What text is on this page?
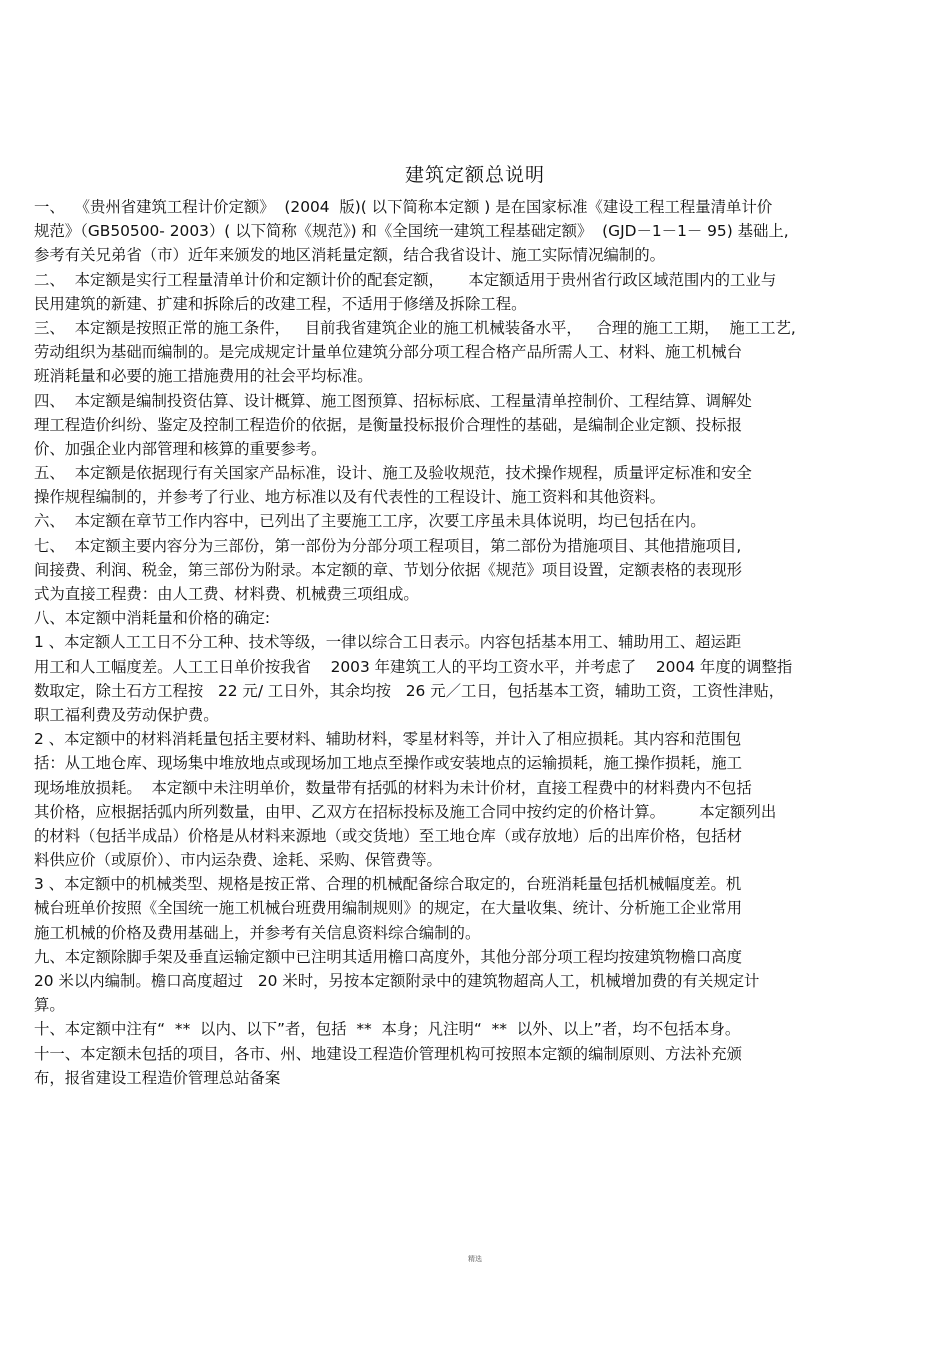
建筑定额总说明
一、  《贵州省建筑工程计价定额》  (2004  版)( 以下简称本定额 ) 是在国家标准《建设工程工程量清单计价
规范》（GB50500- 2003）( 以下简称《规范》) 和《全国统一建筑工程基础定额》  (GJD－1－1－ 95) 基础上,
参考有关兄弟省（市）近年来颁发的地区消耗量定额，结合我省设计、施工实际情况编制的。
二、  本定额是实行工程量清单计价和定额计价的配套定额，     本定额适用于贵州省行政区域范围内的工业与
民用建筑的新建、扩建和拆除后的改建工程，不适用于修缮及拆除工程。
三、  本定额是按照正常的施工条件，   目前我省建筑企业的施工机械装备水平，   合理的施工工期，  施工工艺,
劳动组织为基础而编制的。是完成规定计量单位建筑分部分项工程合格产品所需人工、材料、施工机械台
班消耗量和必要的施工措施费用的社会平均标准。
四、  本定额是编制投资估算、设计概算、施工图预算、招标标底、工程量清单控制价、工程结算、调解处
理工程造价纠纷、鉴定及控制工程造价的依据，是衡量投标报价合理性的基础，是编制企业定额、投标报
价、加强企业内部管理和核算的重要参考。
五、  本定额是依据现行有关国家产品标准，设计、施工及验收规范，技术操作规程，质量评定标准和安全
操作规程编制的，并参考了行业、地方标准以及有代表性的工程设计、施工资料和其他资料。
六、  本定额在章节工作内容中，已列出了主要施工工序，次要工序虽未具体说明，均已包括在内。
七、  本定额主要内容分为三部份，第一部份为分部分项工程项目，第二部份为措施项目、其他措施项目,
间接费、利润、税金，第三部份为附录。本定额的章、节划分依据《规范》项目设置，定额表格的表现形
式为直接工程费：由人工费、材料费、机械费三项组成。
八、本定额中消耗量和价格的确定:
1 、本定额人工工日不分工种、技术等级，一律以综合工日表示。内容包括基本用工、辅助用工、超运距
用工和人工幅度差。人工工日单价按我省    2003 年建筑工人的平均工资水平，并考虑了    2004 年度的调整指
数取定，除土石方工程按   22 元/ 工日外，其余均按   26 元／工日，包括基本工资，辅助工资，工资性津贴，
职工福利费及劳动保护费。
2 、本定额中的材料消耗量包括主要材料、辅助材料，零星材料等，并计入了相应损耗。其内容和范围包
括：从工地仓库、现场集中堆放地点或现场加工地点至操作或安装地点的运输损耗，施工操作损耗，施工
现场堆放损耗。  本定额中未注明单价，数量带有括弧的材料为未计价材，直接工程费中的材料费内不包括
其价格，应根据括弧内所列数量，由甲、乙双方在招标投标及施工合同中按约定的价格计算。       本定额列出
的材料（包括半成品）价格是从材料来源地（或交货地）至工地仓库（或存放地）后的出库价格，包括材
料供应价（或原价）、市内运杂费、途耗、采购、保管费等。
3 、本定额中的机械类型、规格是按正常、合理的机械配备综合取定的，台班消耗量包括机械幅度差。机
械台班单价按照《全国统一施工机械台班费用编制规则》的规定，在大量收集、统计、分析施工企业常用
施工机械的价格及费用基础上，并参考有关信息资料综合编制的。
九、本定额除脚手架及垂直运输定额中已注明其适用檐口高度外，其他分部分项工程均按建筑物檐口高度
20 米以内编制。檐口高度超过   20 米时，另按本定额附录中的建筑物超高人工，机械增加费的有关规定计
算。
十、本定额中注有“  **  以内、以下”者，包括  **  本身；凡注明“  **  以外、以上”者，均不包括本身。
十一、本定额未包括的项目，各市、州、地建设工程造价管理机构可按照本定额的编制原则、方法补充颁
布，报省建设工程造价管理总站备案
精选
